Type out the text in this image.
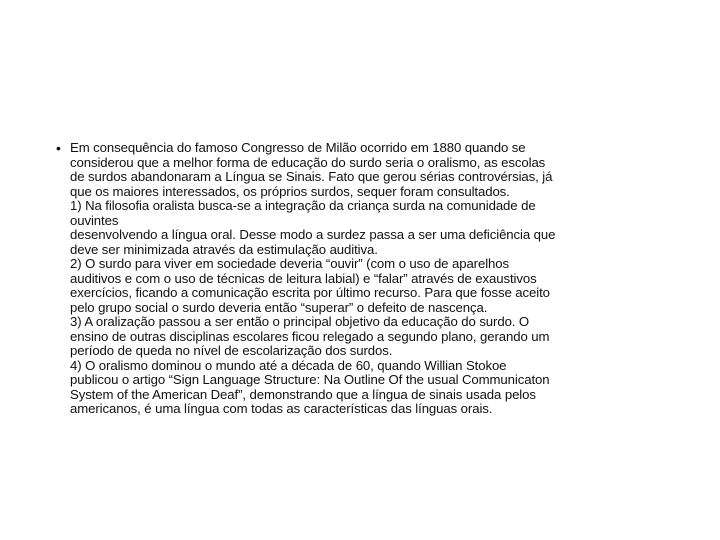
• Em consequência do famoso Congresso de Milão ocorrido em 1880 quando se
considerou que a melhor forma de educação do surdo seria o oralismo, as escolas
de surdos abandonaram a Língua se Sinais. Fato que gerou sérias controvérsias, já
que os maiores interessados, os próprios surdos, sequer foram consultados.
1) Na filosofia oralista busca-se a integração da criança surda na comunidade de
ouvintes
desenvolvendo a língua oral. Desse modo a surdez passa a ser uma deficiência que
deve ser minimizada através da estimulação auditiva.
2) O surdo para viver em sociedade deveria “ouvir” (com o uso de aparelhos
auditivos e com o uso de técnicas de leitura labial) e “falar” através de exaustivos
exercícios, ficando a comunicação escrita por último recurso. Para que fosse aceito
pelo grupo social o surdo deveria então “superar” o defeito de nascença.
3) A oralização passou a ser então o principal objetivo da educação do surdo. O
ensino de outras disciplinas escolares ficou relegado a segundo plano, gerando um
período de queda no nível de escolarização dos surdos.
4) O oralismo dominou o mundo até a década de 60, quando Willian Stokoe
publicou o artigo “Sign Language Structure: Na Outline Of the usual Communicaton
System of the American Deaf”, demonstrando que a língua de sinais usada pelos
americanos, é uma língua com todas as características das línguas orais.
